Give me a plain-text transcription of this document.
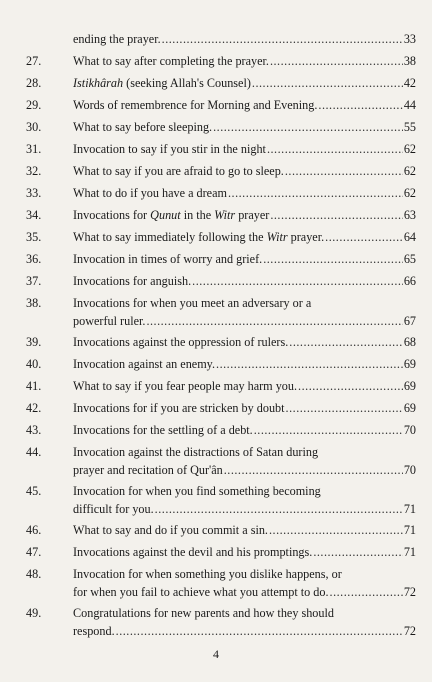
ending the prayer. .....	33
27.	What to say after completing the prayer. .....	38
28.	Istikhârah (seeking Allah's Counsel) .....	42
29.	Words of remembrence for Morning and Evening. .....	44
30.	What to say before sleeping. .....	55
31.	Invocation to say if you stir in the night .....	62
32.	What to say if you are afraid to go to sleep. .....	62
33.	What to do if you have a dream .....	62
34.	Invocations for Qunut in the Witr prayer .....	63
35.	What to say immediately following the Witr prayer. .....	64
36.	Invocation in times of worry and grief. .....	65
37.	Invocations for anguish. .....	66
38.	Invocations for when you meet an adversary or a
powerful ruler. .....	67
39.	Invocations against the oppression of rulers. .....	68
40.	Invocation against an enemy. .....	69
41.	What to say if you fear people may harm you. .....	69
42.	Invocations for if you are stricken by doubt .....	69
43.	Invocations for the settling of a debt. .....	70
44.	Invocation against the distractions of Satan during
prayer and recitation of Qur'ân .....	70
45.	Invocation for when you find something becoming
difficult for you. .....	71
46.	What to say and do if you commit a sin. .....	71
47.	Invocations against the devil and his promptings. .....	71
48.	Invocation for when something you dislike happens, or
for when you fail to achieve what you attempt to do. .....	72
49.	Congratulations for new parents and how they should
respond. .....	72
4
